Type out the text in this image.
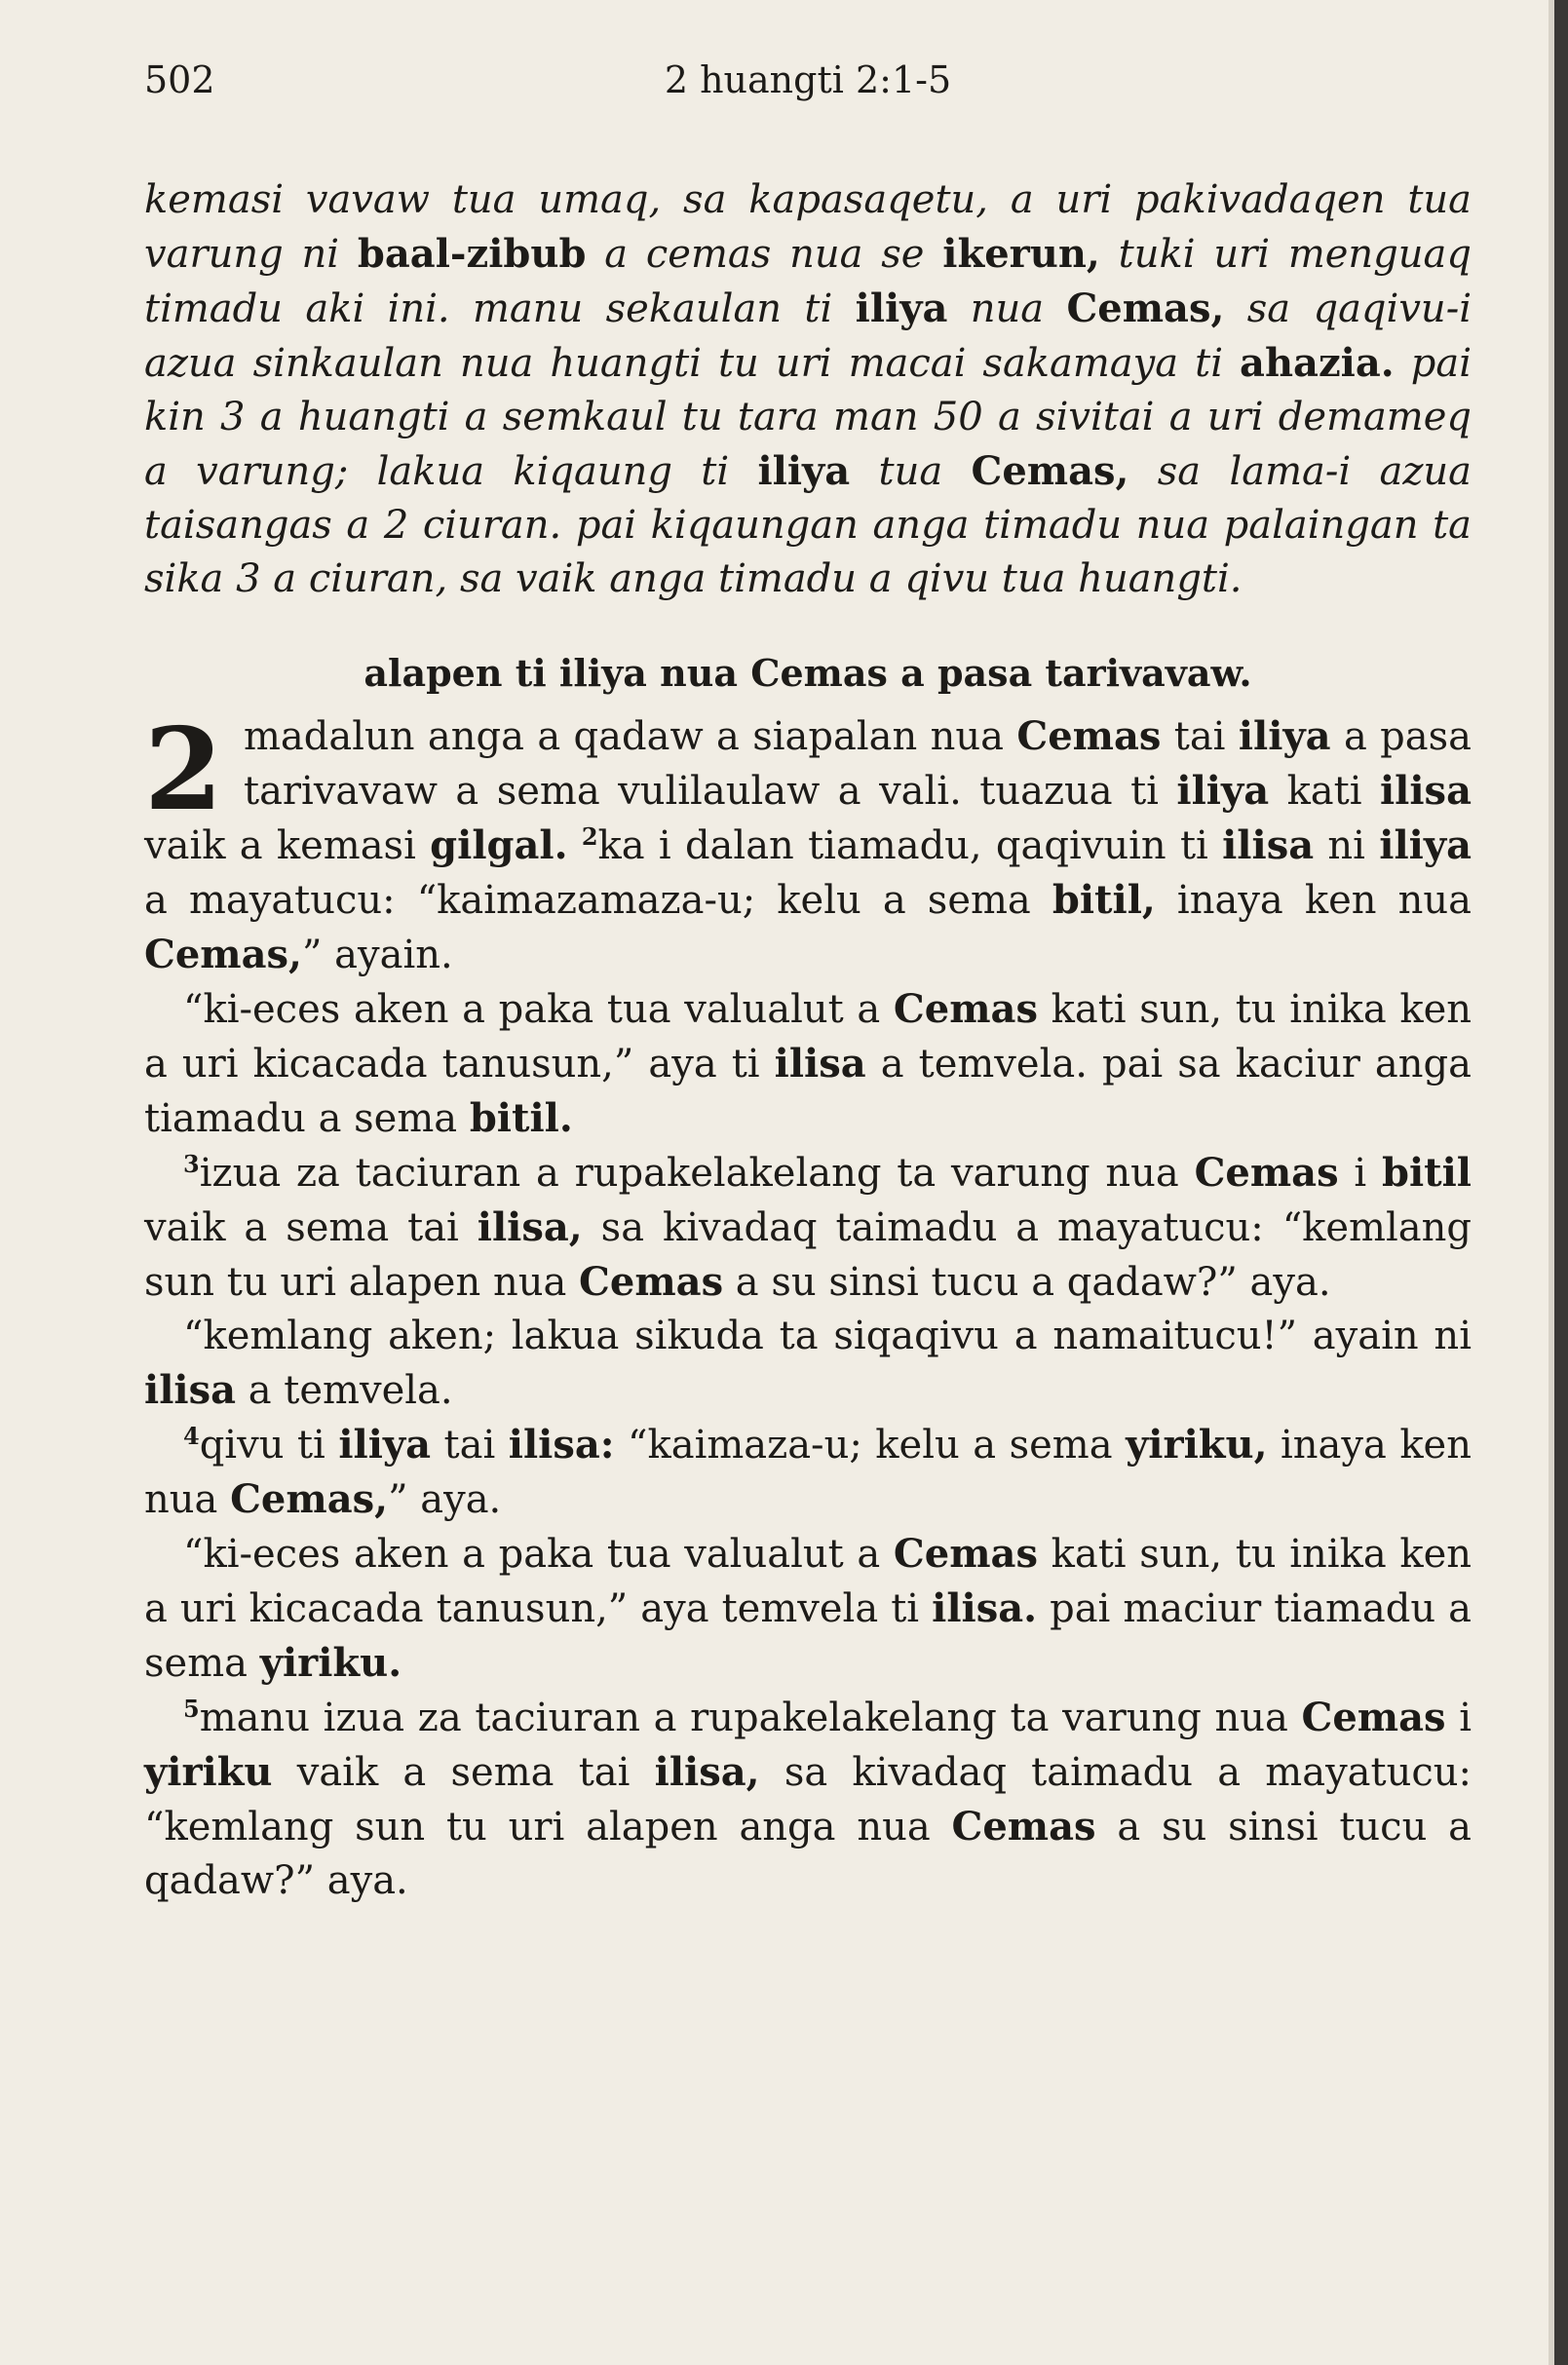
502	2 huangti 2:1-5
kemasi vavaw tua umaq, sa kapasaqetu, a uri pakivadaqen tua varung ni baal-zibub a cemas nua se ikerun, tuki uri menguaq timadu aki ini. manu sekaulan ti iliya nua Cemas, sa qaqivu-i azua sinkaulan nua huangti tu uri macai sakamaya ti ahazia. pai kin 3 a huangti a semkaul tu tara man 50 a sivitai a uri demameq a varung; lakua kiqaung ti iliya tua Cemas, sa lama-i azua taisangas a 2 ciuran. pai kiqaungan anga timadu nua palaingan ta sika 3 a ciuran, sa vaik anga timadu a qivu tua huangti.
alapen ti iliya nua Cemas a pasa tarivavaw.

2 madalun anga a qadaw a siapalan nua Cemas tai iliya a pasa tarivavaw a sema vulilaulaw a vali. tuazua ti iliya kati ilisa vaik a kemasi gilgal. $^2$ka i dalan tiamadu, qaqivuin ti ilisa ni iliya a mayatucu: “kaimazamaza-u; kelu a sema bitil, inaya ken nua Cemas,” ayain.

“ki-eces aken a paka tua valualut a Cemas kati sun, tu inika ken a uri kicacada tanusun,” aya ti ilisa a temvela. pai sa kaciur anga tiamadu a sema bitil.

$^3$izua za taciuran a rupakelakelang ta varung nua Cemas i bitil vaik a sema tai ilisa, sa kivadaq taimadu a mayatucu: “kemlang sun tu uri alapen nua Cemas a su sinsi tucu a qadaw?” aya.

“kemlang aken; lakua sikuda ta siqaqivu a namaitucu!” ayain ni ilisa a temvela.

$^4$qivu ti iliya tai ilisa: “kaimaza-u; kelu a sema yiriku, inaya ken nua Cemas,” aya.

“ki-eces aken a paka tua valualut a Cemas kati sun, tu inika ken a uri kicacada tanusun,” aya temvela ti ilisa. pai maciur tiamadu a sema yiriku.

$^5$manu izua za taciuran a rupakelakelang ta varung nua Cemas i yiriku vaik a sema tai ilisa, sa kivadaq taimadu a mayatucu: “kemlang sun tu uri alapen anga nua Cemas a su sinsi tucu a qadaw?” aya.
